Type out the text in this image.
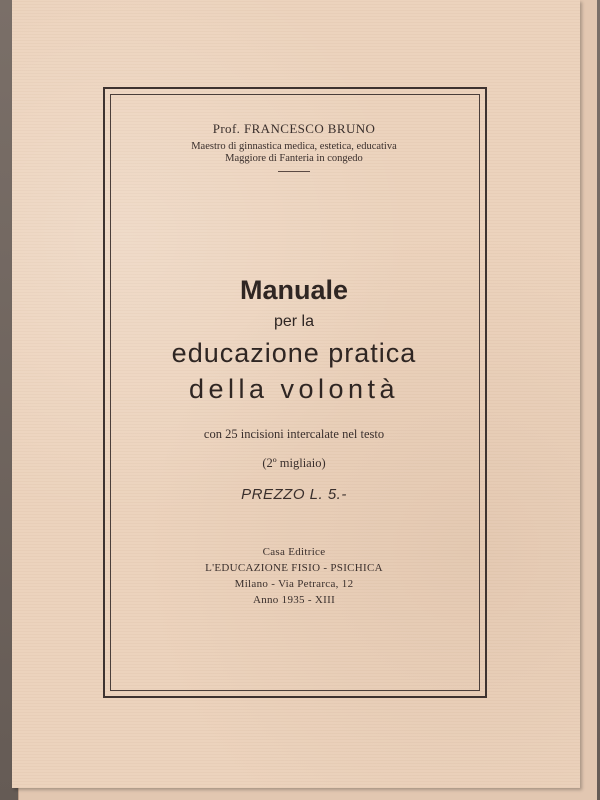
Prof. FRANCESCO BRUNO
Maestro di ginnastica medica, estetica, educativa
Maggiore di Fanteria in congedo
Manuale
per la
educazione pratica
della volontà
con 25 incisioni intercalate nel testo
(2º migliaio)
PREZZO L. 5.-
Casa Editrice
L'EDUCAZIONE FISIO - PSICHICA
Milano - Via Petrarca, 12
Anno 1935 - XIII
